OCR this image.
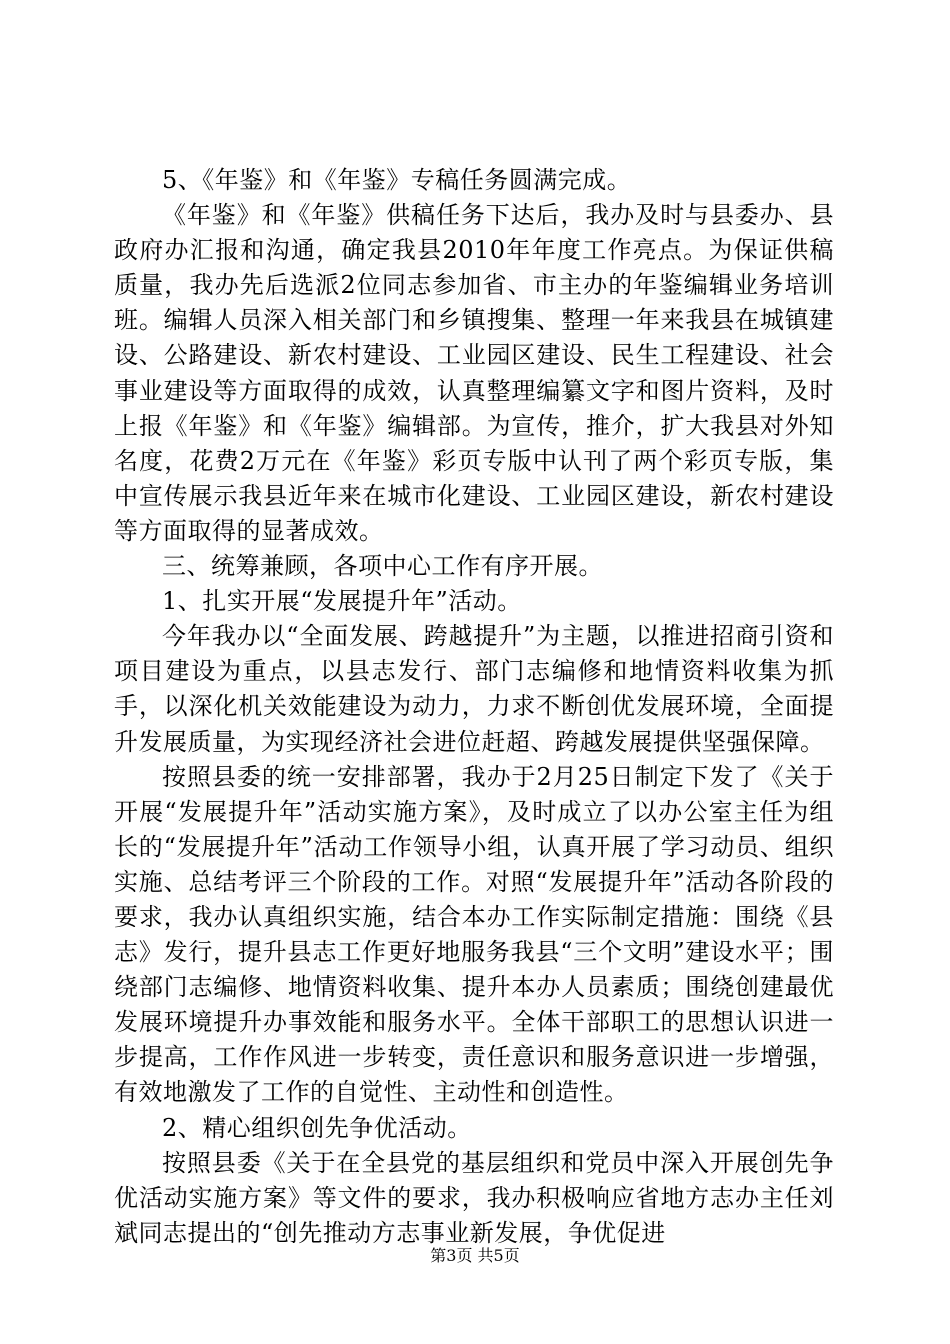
5、《年鉴》和《年鉴》专稿任务圆满完成。

《年鉴》和《年鉴》供稿任务下达后，我办及时与县委办、县政府办汇报和沟通，确定我县2010年年度工作亮点。为保证供稿质量，我办先后选派2位同志参加省、市主办的年鉴编辑业务培训班。编辑人员深入相关部门和乡镇搜集、整理一年来我县在城镇建设、公路建设、新农村建设、工业园区建设、民生工程建设、社会事业建设等方面取得的成效，认真整理编纂文字和图片资料，及时上报《年鉴》和《年鉴》编辑部。为宣传，推介，扩大我县对外知名度，花费2万元在《年鉴》彩页专版中认刊了两个彩页专版，集中宣传展示我县近年来在城市化建设、工业园区建设，新农村建设等方面取得的显著成效。

三、统筹兼顾，各项中心工作有序开展。

1、扎实开展“发展提升年”活动。

今年我办以“全面发展、跨越提升”为主题，以推进招商引资和项目建设为重点，以县志发行、部门志编修和地情资料收集为抓手，以深化机关效能建设为动力，力求不断创优发展环境，全面提升发展质量，为实现经济社会进位赶超、跨越发展提供坚强保障。

按照县委的统一安排部署，我办于2月25日制定下发了《关于开展“发展提升年”活动实施方案》，及时成立了以办公室主任为组长的“发展提升年”活动工作领导小组，认真开展了学习动员、组织实施、总结考评三个阶段的工作。对照“发展提升年”活动各阶段的要求，我办认真组织实施，结合本办工作实际制定措施：围绕《县志》发行，提升县志工作更好地服务我县“三个文明”建设水平；围绕部门志编修、地情资料收集、提升本办人员素质；围绕创建最优发展环境提升办事效能和服务水平。全体干部职工的思想认识进一步提高，工作作风进一步转变，责任意识和服务意识进一步增强，有效地激发了工作的自觉性、主动性和创造性。

2、精心组织创先争优活动。

按照县委《关于在全县党的基层组织和党员中深入开展创先争优活动实施方案》等文件的要求，我办积极响应省地方志办主任刘斌同志提出的“创先推动方志事业新发展，争优促进

第3页 共5页
